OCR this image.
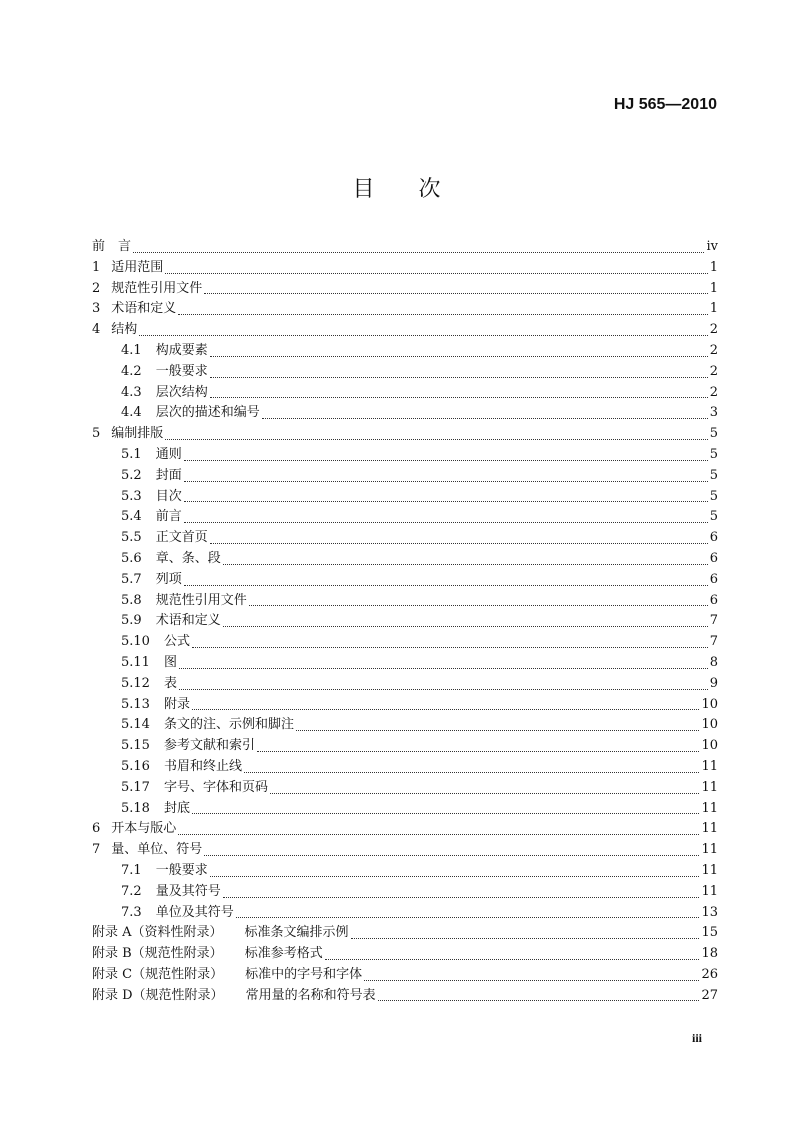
HJ 565—2010
目　　次
前　言	iv
1 适用范围	1
2 规范性引用文件	1
3 术语和定义	1
4 结构	2
4.1 构成要素	2
4.2 一般要求	2
4.3 层次结构	2
4.4 层次的描述和编号	3
5 编制排版	5
5.1 通则	5
5.2 封面	5
5.3 目次	5
5.4 前言	5
5.5 正文首页	6
5.6 章、条、段	6
5.7 列项	6
5.8 规范性引用文件	6
5.9 术语和定义	7
5.10 公式	7
5.11 图	8
5.12 表	9
5.13 附录	10
5.14 条文的注、示例和脚注	10
5.15 参考文献和索引	10
5.16 书眉和终止线	11
5.17 字号、字体和页码	11
5.18 封底	11
6 开本与版心	11
7 量、单位、符号	11
7.1 一般要求	11
7.2 量及其符号	11
7.3 单位及其符号	13
附录 A（资料性附录） 标准条文编排示例	15
附录 B（规范性附录） 标准参考格式	18
附录 C（规范性附录） 标准中的字号和字体	26
附录 D（规范性附录） 常用量的名称和符号表	27
iii
